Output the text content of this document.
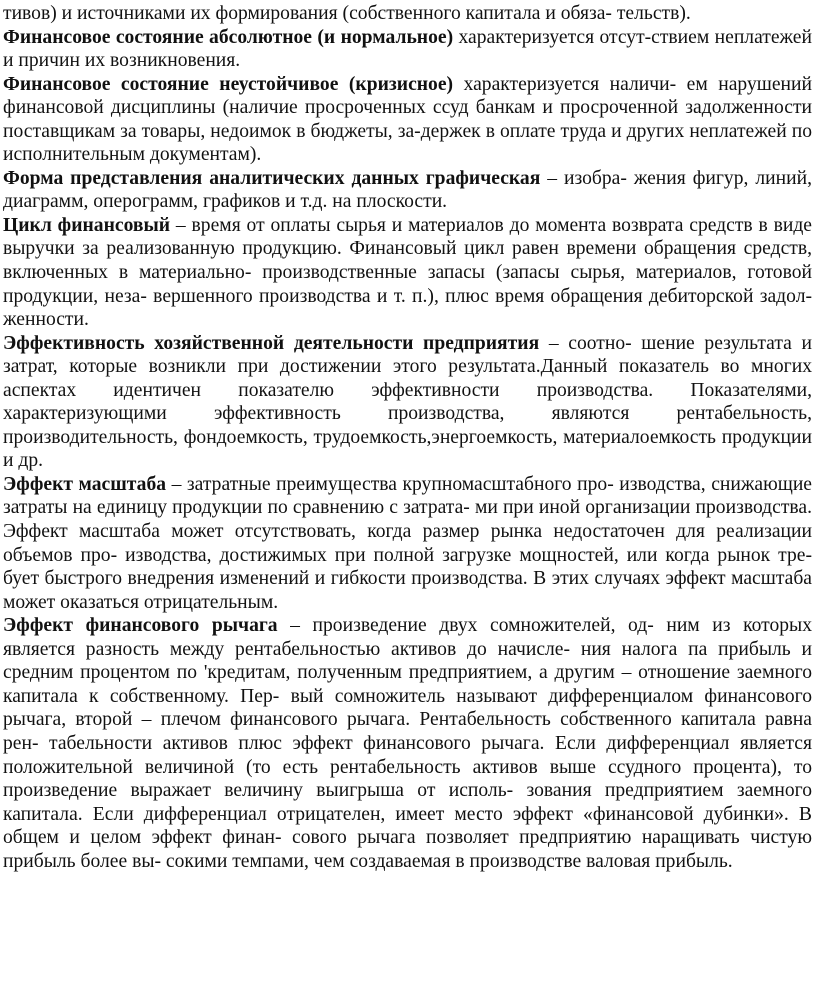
тивов) и источниками их формирования (собственного капитала и обяза- тельств).

Финансовое состояние абсолютное (и нормальное) характеризуется отсут-ствием неплатежей и причин их возникновения.

Финансовое состояние неустойчивое (кризисное) характеризуется наличи- ем нарушений финансовой дисциплины (наличие просроченных ссуд банкам и просроченной задолженности поставщикам за товары, недоимок в бюджеты, за-держек в оплате труда и других неплатежей по исполнительным документам).

Форма представления аналитических данных графическая – изобра- жения фигур, линий, диаграмм, оперограмм, графиков и т.д. на плоскости.

Цикл финансовый – время от оплаты сырья и материалов до момента возврата средств в виде выручки за реализованную продукцию. Финансовый цикл равен времени обращения средств, включенных в материально- производственные запасы (запасы сырья, материалов, готовой продукции, неза- вершенного производства и т. п.), плюс время обращения дебиторской задол- женности.

Эффективность хозяйственной деятельности предприятия – соотно- шение результата и затрат, которые возникли при достижении этого результата.Данный показатель во многих аспектах идентичен показателю эффективности производства. Показателями, характеризующими эффективность производства, являются рентабельность, производительность, фондоемкость, трудоемкость,энергоемкость, материалоемкость продукции и др.

Эффект масштаба – затратные преимущества крупномасштабного про- изводства, снижающие затраты на единицу продукции по сравнению с затрата- ми при иной организации производства. Эффект масштаба может отсутствовать, когда размер рынка недостаточен для реализации объемов про- изводства, достижимых при полной загрузке мощностей, или когда рынок тре- бует быстрого внедрения изменений и гибкости производства. В этих случаях эффект масштаба может оказаться отрицательным.

Эффект финансового рычага – произведение двух сомножителей, од- ним из которых является разность между рентабельностью активов до начисле- ния налога па прибыль и средним процентом по 'кредитам, полученным предприятием, а другим – отношение заемного капитала к собственному. Пер- вый сомножитель называют дифференциалом финансового рычага, второй – плечом финансового рычага. Рентабельность собственного капитала равна рен- табельности активов плюс эффект финансового рычага. Если дифференциал является положительной величиной (то есть рентабельность активов выше ссудного процента), то произведение выражает величину выигрыша от исполь- зования предприятием заемного капитала. Если дифференциал отрицателен, имеет место эффект «финансовой дубинки». В общем и целом эффект финан- сового рычага позволяет предприятию наращивать чистую прибыль более вы- сокими темпами, чем создаваемая в производстве валовая прибыль.
